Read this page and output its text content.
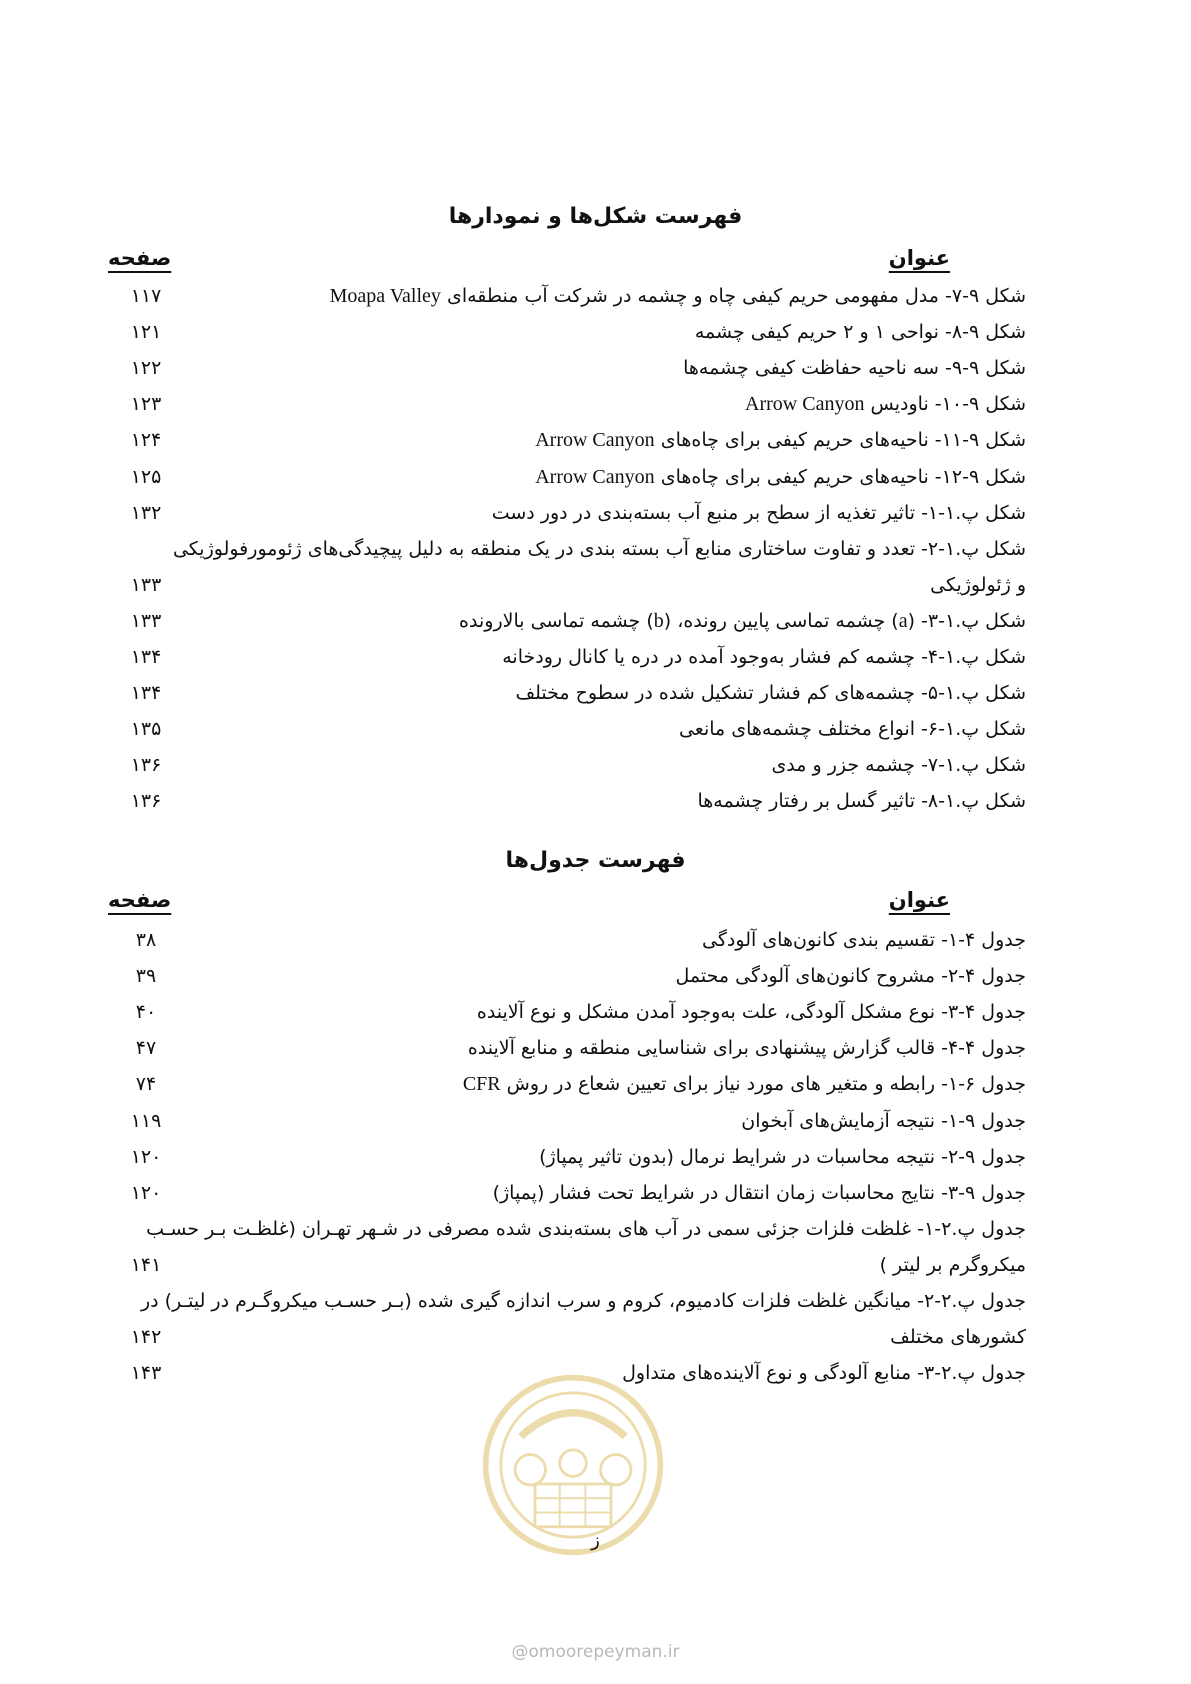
فهرست شکل‌ها و نمودارها
عنوان
صفحه
شکل ۹-۷- مدل مفهومی حریم کیفی چاه و چشمه در شرکت آب منطقه‌ای Moapa Valley
۱۱۷
شکل ۹-۸- نواحی ۱ و ۲ حریم کیفی چشمه
۱۲۱
شکل ۹-۹- سه ناحیه حفاظت کیفی چشمه‌ها
۱۲۲
شکل ۹-۱۰- ناودیس Arrow Canyon
۱۲۳
شکل ۹-۱۱- ناحیه‌های حریم کیفی برای چاه‌های Arrow Canyon
۱۲۴
شکل ۹-۱۲- ناحیه‌های حریم کیفی برای چاه‌های Arrow Canyon
۱۲۵
شکل پ.۱-۱- تاثیر تغذیه از سطح بر منبع آب بسته‌بندی در دور دست
۱۳۲
شکل پ.۱-۲- تعدد و تفاوت ساختاری منابع آب بسته بندی در یک منطقه به دلیل پیچیدگی‌های ژئومورفولوژیکی
و ژئولوژیکی
۱۳۳
شکل پ.۱-۳- (a) چشمه تماسی پایین رونده، (b) چشمه تماسی بالارونده
۱۳۳
شکل پ.۱-۴- چشمه کم فشار به‌وجود آمده در دره یا کانال رودخانه
۱۳۴
شکل پ.۱-۵- چشمه‌های کم فشار تشکیل شده در سطوح مختلف
۱۳۴
شکل پ.۱-۶- انواع مختلف چشمه‌های مانعی
۱۳۵
شکل پ.۱-۷- چشمه جزر و مدی
۱۳۶
شکل پ.۱-۸- تاثیر گسل بر رفتار چشمه‌ها
۱۳۶
فهرست جدول‌ها
عنوان
صفحه
جدول ۴-۱- تقسیم بندی کانون‌های آلودگی
۳۸
جدول ۴-۲- مشروح کانون‌های آلودگی محتمل
۳۹
جدول ۴-۳- نوع مشکل آلودگی، علت به‌وجود آمدن مشکل و نوع آلاینده
۴۰
جدول ۴-۴- قالب گزارش پیشنهادی برای شناسایی منطقه و منابع آلاینده
۴۷
جدول ۶-۱- رابطه و متغیر های مورد نیاز برای تعیین شعاع در روش CFR
۷۴
جدول ۹-۱- نتیجه آزمایش‌های آبخوان
۱۱۹
جدول ۹-۲- نتیجه محاسبات در شرایط نرمال (بدون تاثیر پمپاژ)
۱۲۰
جدول ۹-۳- نتایج محاسبات زمان انتقال در شرایط تحت فشار (پمپاژ)
۱۲۰
جدول پ.۲-۱- غلظت فلزات جزئی سمی در آب های بسته‌بندی شده مصرفی در شـهر تهـران (غلظـت بـر حسـب
میکروگرم بر لیتر )
۱۴۱
جدول پ.۲-۲- میانگین غلظت فلزات کادمیوم، کروم و سرب اندازه گیری شده (بـر حسـب میکروگـرم در لیتـر) در
کشورهای مختلف
۱۴۲
جدول پ.۲-۳- منابع آلودگی و نوع آلاینده‌های متداول
۱۴۳
ز
@omoorepeyman.ir
